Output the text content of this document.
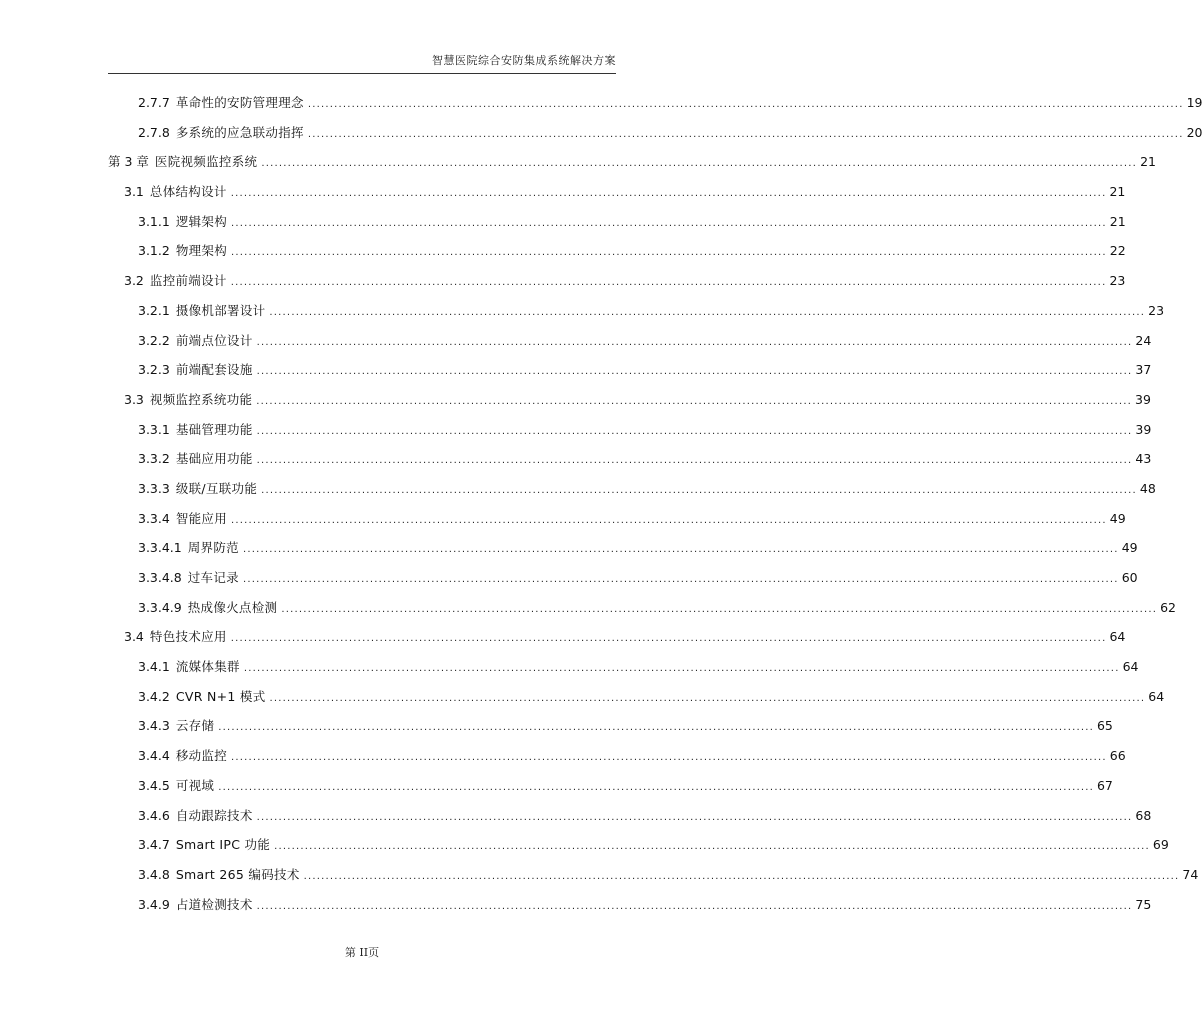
智慧医院综合安防集成系统解决方案
2.7.7 革命性的安防管理理念 ........................................................................................................................................................................................................ 19
2.7.8 多系统的应急联动指挥 ........................................................................................................................................................................................................ 20
第 3 章 医院视频监控系统 ........................................................................................................................................................................................................ 21
3.1 总体结构设计 ........................................................................................................................................................................................................ 21
3.1.1 逻辑架构 ........................................................................................................................................................................................................ 21
3.1.2 物理架构 ........................................................................................................................................................................................................ 22
3.2 监控前端设计 ........................................................................................................................................................................................................ 23
3.2.1 摄像机部署设计 ........................................................................................................................................................................................................ 23
3.2.2 前端点位设计 ........................................................................................................................................................................................................ 24
3.2.3 前端配套设施 ........................................................................................................................................................................................................ 37
3.3 视频监控系统功能 ........................................................................................................................................................................................................ 39
3.3.1 基础管理功能 ........................................................................................................................................................................................................ 39
3.3.2 基础应用功能 ........................................................................................................................................................................................................ 43
3.3.3 级联/互联功能 ........................................................................................................................................................................................................ 48
3.3.4 智能应用 ........................................................................................................................................................................................................ 49
3.3.4.1 周界防范 ........................................................................................................................................................................................................ 49
3.3.4.8 过车记录 ........................................................................................................................................................................................................ 60
3.3.4.9 热成像火点检测 ........................................................................................................................................................................................................ 62
3.4 特色技术应用 ........................................................................................................................................................................................................ 64
3.4.1 流媒体集群 ........................................................................................................................................................................................................ 64
3.4.2 CVR N+1 模式 ........................................................................................................................................................................................................ 64
3.4.3 云存储 ........................................................................................................................................................................................................ 65
3.4.4 移动监控 ........................................................................................................................................................................................................ 66
3.4.5 可视域 ........................................................................................................................................................................................................ 67
3.4.6 自动跟踪技术 ........................................................................................................................................................................................................ 68
3.4.7 Smart IPC 功能 ........................................................................................................................................................................................................ 69
3.4.8 Smart 265 编码技术 ........................................................................................................................................................................................................ 74
3.4.9 占道检测技术 ........................................................................................................................................................................................................ 75
第 II页
